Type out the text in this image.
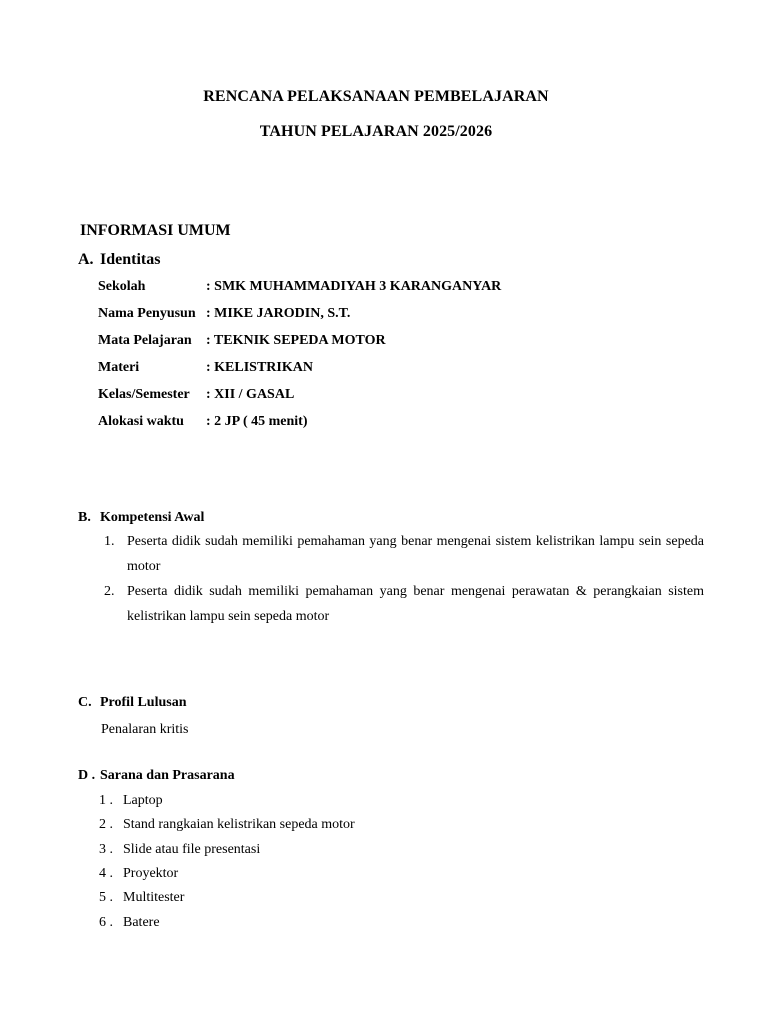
RENCANA PELAKSANAAN PEMBELAJARAN
TAHUN PELAJARAN 2025/2026
INFORMASI UMUM
A. Identitas
Sekolah	: SMK MUHAMMADIYAH 3 KARANGANYAR
Nama Penyusun : MIKE JARODIN, S.T.
Mata Pelajaran : TEKNIK SEPEDA MOTOR
Materi	: KELISTRIKAN
Kelas/Semester : XII / GASAL
Alokasi waktu : 2 JP ( 45 menit)
B. Kompetensi Awal
1. Peserta didik sudah memiliki pemahaman yang benar mengenai sistem kelistrikan lampu sein sepeda motor
2. Peserta didik sudah memiliki pemahaman yang benar mengenai perawatan & perangkaian sistem kelistrikan lampu sein sepeda motor
C. Profil Lulusan
Penalaran kritis
D . Sarana dan Prasarana
1 . Laptop
2 . Stand rangkaian kelistrikan sepeda motor
3 . Slide atau file presentasi
4 . Proyektor
5 . Multitester
6 . Batere
